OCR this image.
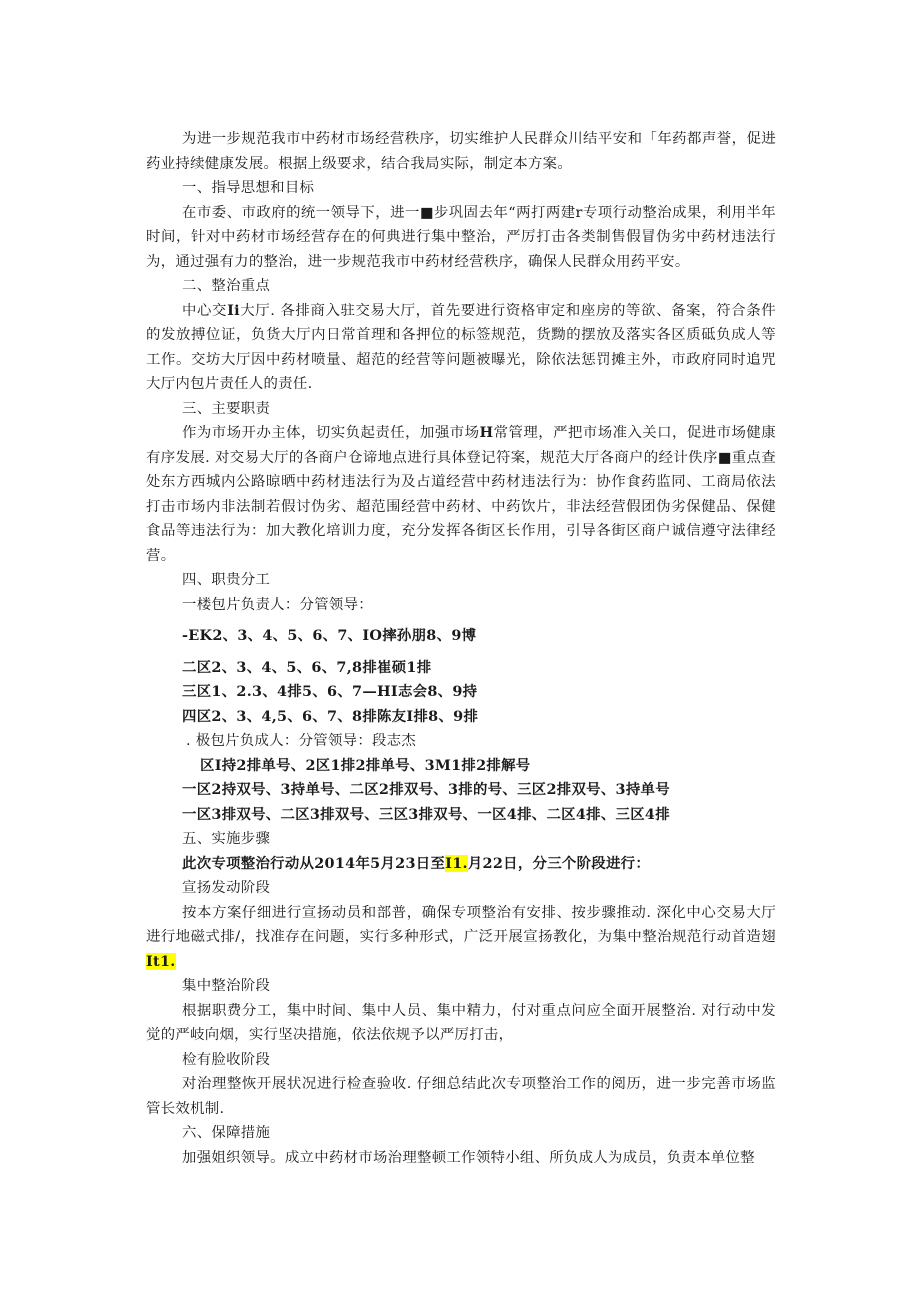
为进一步规范我市中药材市场经营秩序，切实维护人民群众川结平安和「年药都声誉，促进药业持续健康发展。根据上级要求，结合我局实际，制定本方案。

一、指导思想和目标

在市委、市政府的统一领导下，进一■步巩固去年“两打两建r专项行动整治成果，利用半年时间，针对中药材市场经营存在的何典进行集中整治，严厉打击各类制售假冒伪劣中药材违法行为，通过强有力的整治，进一步规范我市中药材经营秩序，确保人民群众用药平安。

二、整治重点

中心交Ii大厅. 各排商入驻交易大厅，首先要进行资格审定和座房的等欲、备案，符合条件的发放搏位证，负货大厅内日常首理和各押位的标签规范，货黝的摆放及落实各区质砥负成人等工作。交坊大厅因中药材喷量、超范的经营等问题被曝光，除依法惩罚摊主外，市政府同时追咒大厅内包片责任人的责任.

三、主要职责

作为市场开办主体，切实负起责任，加强市场H常管理，严把市场准入关口，促进市场健康有序发展. 对交易大厅的各商户仓谛地点进行具体登记符案，规范大厅各商户的经计佚序■重点查处东方西城内公路晾晒中药材违法行为及占道经营中药材违法行为：协作食药监同、工商局依法打击市场内非法制若假讨伪劣、超范围经营中药材、中药饮片，非法经营假团伪劣保健品、保健食品等违法行为：加大教化培训力度，充分发挥各街区长作用，引导各街区商户诚信遵守法律经营。

四、职贵分工

一楼包片负责人：分管领导：

-EK2、3、4、5、6、7、IO摔孙朋8、9博

二区2、3、4、5、6、7,8排崔硕1排

三区1、2.3、4排5、6、7—HI志会8、9持

四区2、3、4,5、6、7、8排陈友I排8、9排

. 极包片负成人：分管领导：段志杰

区I持2排单号、2区1排2排单号、3M1排2排解号

一区2持双号、3持单号、二区2排双号、3排的号、三区2排双号、3持单号

一区3排双号、二区3排双号、三区3排双号、一区4排、二区4排、三区4排

五、实施步骤

此次专项整治行动从2014年5月23日至I1.月22日，分三个阶段进行：

宣扬发动阶段

按本方案仔细进行宣扬动员和部普，确保专项整治有安排、按步骤推动. 深化中心交易大厅进行地磁式排/，找准存在问题，实行多种形式，广泛开展宣扬教化，为集中整治规范行动首造翅It1.

集中整治阶段

根据职费分工，集中时间、集中人员、集中精力，付对重点问应全面开展整治. 对行动中发觉的严岐向烟，实行坚决措施，依法依规予以严厉打击，

检有脸收阶段

对治理整恢开展状况进行检查验收. 仔细总结此次专项整治工作的阅历，进一步完善市场监管长效机制.

六、保障措施

加强姐织领导。成立中药材市场治理整顿工作领特小组、所负成人为成员，负责本单位整
